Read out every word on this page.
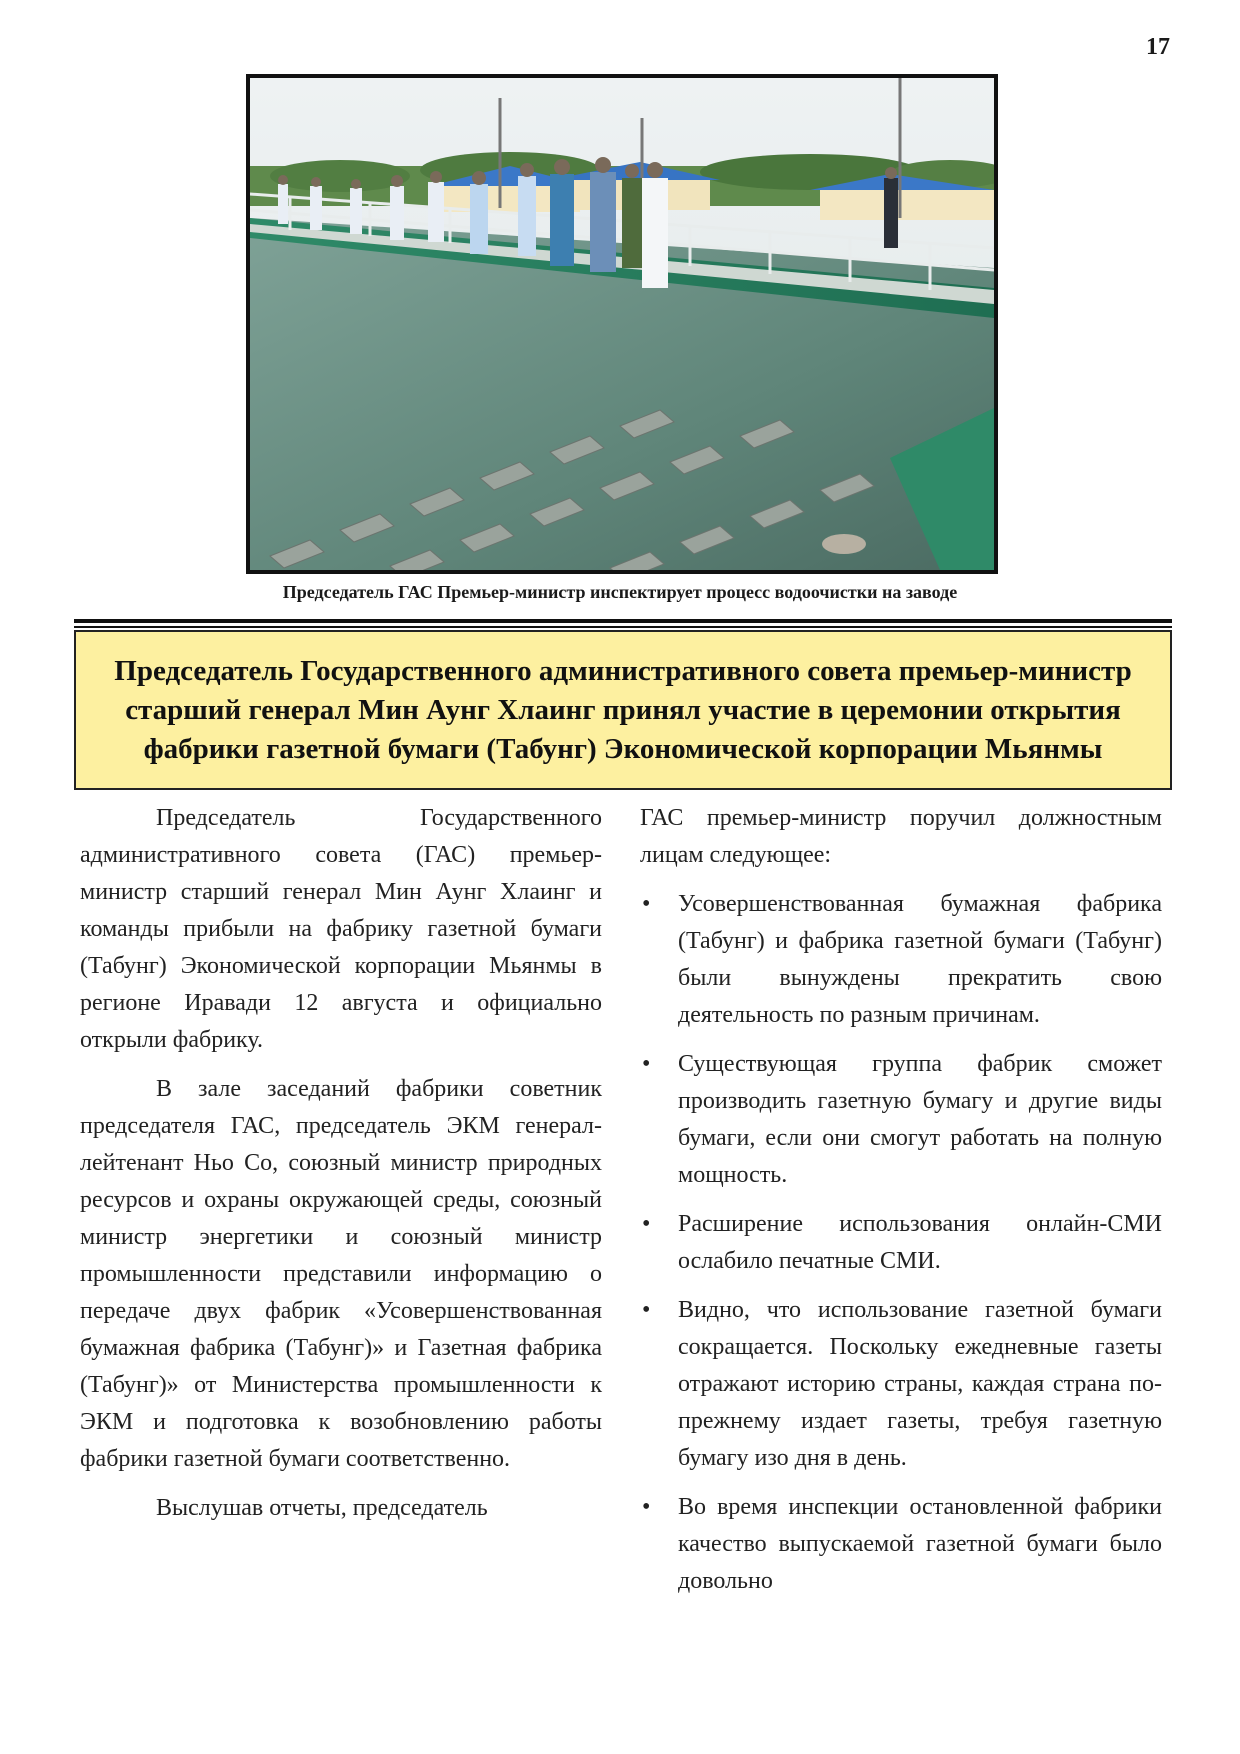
17
Председатель ГАС Премьер-министр инспектирует процесс водоочистки на заводе
Председатель Государственного административного совета премьер-министр старший генерал Мин Аунг Хлаинг принял участие в церемонии открытия фабрики газетной бумаги (Табунг) Экономической корпорации Мьянмы

Председатель Государственного административного совета (ГАС) премьер-министр старший генерал Мин Аунг Хлаинг и команды прибыли на фабрику газетной бумаги (Табунг) Экономической корпорации Мьянмы в регионе Иравади 12 августа и официально открыли фабрику.

В зале заседаний фабрики советник председателя ГАС, председатель ЭКМ генерал-лейтенант Ньо Со, союзный министр природных ресурсов и охраны окружающей среды, союзный министр энергетики и союзный министр промышленности представили информацию о передаче двух фабрик «Усовершенствованная бумажная фабрика (Табунг)» и Газетная фабрика (Табунг)» от Министерства промышленности к ЭКМ и подготовка к возобновлению работы фабрики газетной бумаги соответственно.

Выслушав отчеты, председатель

ГАС премьер-министр поручил должностным лицам следующее:

• Усовершенствованная бумажная фабрика (Табунг) и фабрика газетной бумаги (Табунг) были вынуждены прекратить свою деятельность по разным причинам.
• Существующая группа фабрик сможет производить газетную бумагу и другие виды бумаги, если они смогут работать на полную мощность.
• Расширение использования онлайн-СМИ ослабило печатные СМИ.
• Видно, что использование газетной бумаги сокращается. Поскольку ежедневные газеты отражают историю страны, каждая страна по-прежнему издает газеты, требуя газетную бумагу изо дня в день.
• Во время инспекции остановленной фабрики качество выпускаемой газетной бумаги было довольно
